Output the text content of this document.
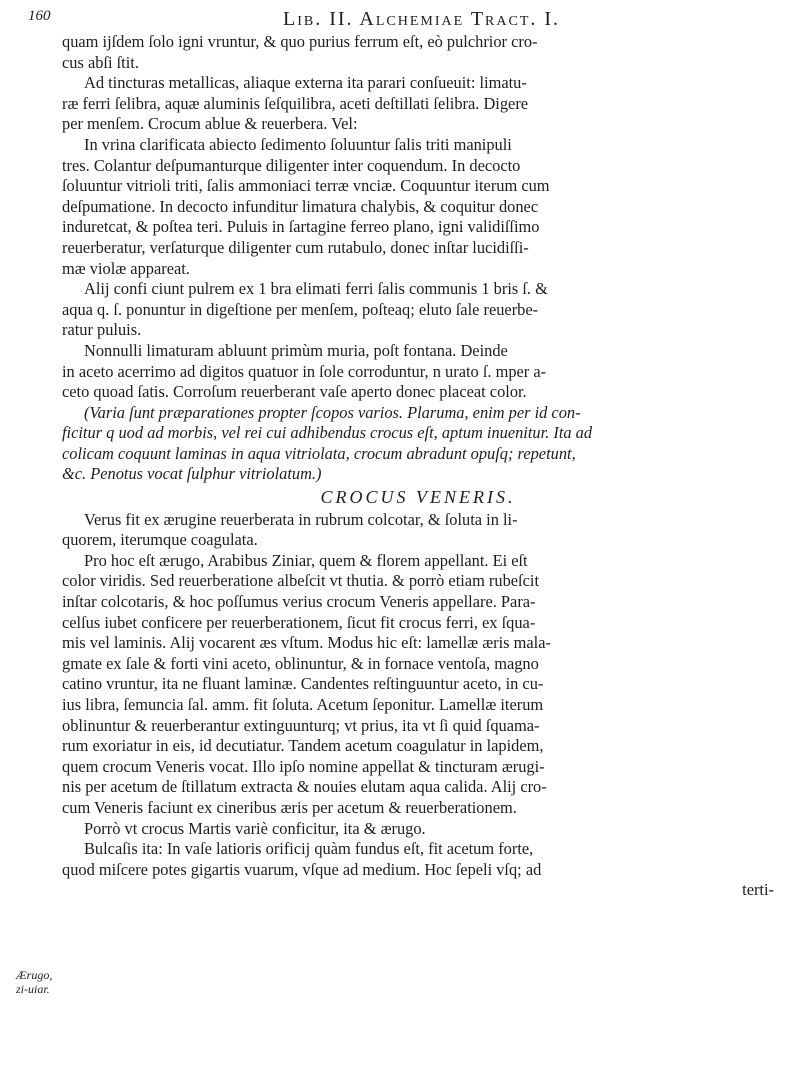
160	Lib. II. Alchemiae Tract. I.
quam ijſdem ſolo igni vruntur, & quo purius ferrum eſt, eò pulchrior cro-
cus abſi ſtit.
Ad tincturas metallicas, aliaque externa ita parari conſueuit: limatu-
ræ ferri ſelibra, aquæ aluminis ſeſquilibra, aceti deſtillati ſelibra. Digere
per menſem. Crocum ablue & reuerbera. Vel:
In vrina clarificata abiecto ſedimento ſoluuntur ſalis triti manipuli
tres. Colantur deſpumanturque diligenter inter coquendum. In decocto
ſoluuntur vitrioli triti, ſalis ammoniaci terræ vnciæ. Coquuntur iterum cum
deſpumatione. In decocto infunditur limatura chalybis, & coquitur donec
induretcat, & poſtea teri. Puluis in ſartagine ferreo plano, igni validiſſimo
reuerberatur, verſaturque diligenter cum rutabulo, donec inſtar lucidiſſi-
mæ violæ appareat.
Alij confi ciunt pulrem ex 1 bra elimati ferri ſalis communis 1 bris ſ. &
aqua q. ſ. ponuntur in digeſtione per menſem, poſteaq; eluto ſale reuerbe-
ratur puluis.
Nonnulli limaturam abluunt primùm muria, poſt fontana. Deinde
in aceto acerrimo ad digitos quatuor in ſole corroduntur, n urato ſ. mper a-
ceto quoad ſatis. Corroſum reuerberant vaſe aperto donec placeat color.
(Varia ſunt præparationes propter ſcopos varios. Plaruma, enim per id con-
ficitur q uod ad morbis, vel rei cui adhibendus crocus eſt, aptum inuenitur. Ita ad
colicam coquunt laminas in aqua vitriolata, crocum abradunt opuſq; repetunt,
&c. Penotus vocat ſulphur vitriolatum.)
CROCUS VENERIS.
Verus fit ex ærugine reuerberata in rubrum colcotar, & ſoluta in li-
quorem, iterumque coagulata.
Pro hoc eſt ærugo, Arabibus Ziniar, quem & florem appellant. Ei eſt
color viridis. Sed reuerberatione albeſcit vt thutia. & porrò etiam rubeſcit
inſtar colcotaris, & hoc poſſumus verius crocum Veneris appellare. Para-
celſus iubet conficere per reuerberationem, ſicut fit crocus ferri, ex ſqua-
mis vel laminis. Alij vocarent æs vſtum. Modus hic eſt: lamellæ æris mala-
gmate ex ſale & forti vini aceto, oblinuntur, & in fornace ventoſa, magno
catino vruntur, ita ne fluant laminæ. Candentes reſtinguuntur aceto, in cu-
ius libra, ſemuncia ſal. amm. fit ſoluta. Acetum ſeponitur. Lamellæ iterum
oblinuntur & reuerberantur extinguunturq; vt prius, ita vt ſi quid ſquama-
rum exoriatur in eis, id decutiatur. Tandem acetum coagulatur in lapidem,
quem crocum Veneris vocat. Illo ipſo nomine appellat & tincturam ærugi-
nis per acetum de ſtillatum extracta & nouies elutam aqua calida. Alij cro-
cum Veneris faciunt ex cineribus æris per acetum & reuerberationem.
Porrò vt crocus Martis variè conficitur, ita & ærugo.
Bulcaſis ita: In vaſe latioris orificij quàm fundus eſt, fit acetum forte,
quod miſcere potes gigartis vuarum, vſque ad medium. Hoc ſepeli vſq; ad
terti-
Ærugo, zi-uiar.
